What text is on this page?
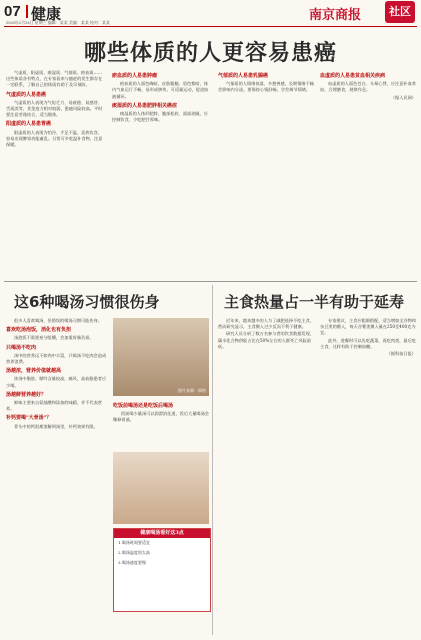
07 健康
2024年1月24日 星期三 编辑：某某 美编：某某 校对：某某
南京商报	社区
哪些体质的人更容易患癌

气虚质、阳虚质、痰湿质、气郁质、瘀血质……这些体质各有特点，在专家看来与癌症的发生都存在一定联系，了解自己的体质有助于及早预防。

气虚质的人易患癌

气虚质的人表现为气短乏力、易疲倦、易感冒、舌质淡等，其免疫力相对较弱，患癌风险较高。平时要注意劳逸结合，适当锻炼。

阳虚质的人易患胃癌

阳虚质的人表现为怕冷、手足不温、喜热饮食，容易出现脾胃功能紊乱。日常可多吃温补食物，注意保暖。

瘀血质的人易患肿瘤

瘀血质的人面色晦暗、皮肤粗糙、唇色紫暗，体内气血运行不畅，易形成肿块。可适量运动，促进血液循环。

痰湿质的人易患肥胖相关癌症

痰湿质的人体形肥胖、腹部松软、面部油腻，应控制饮食，少吃肥甘厚味。

气郁质的人易患乳腺癌

气郁质的人情绪低落、多愁善感，长期情绪不畅会影响内分泌。要保持心情舒畅，学会调节情绪。

血虚质的人易患贫血相关疾病

血虚质的人面色苍白、头晕心悸，应注意补血养血，合理膳食，规律作息。

（据人民网）

这6种喝汤习惯很伤身

很多人喜欢喝汤，但错误的喝汤习惯可能伤身。

喜欢吃汤泡饭，消化也有负担

汤泡饭不需要充分咀嚼，会加重胃肠负担。

只喝汤不吃肉

汤中的营养远不如肉中丰富，只喝汤不吃肉会造成营养浪费。

汤越浓，营养价值就越高

浓汤中脂肪、嘌呤含量较高，痛风、高血脂患者应少喝。

汤越鲜营养越好？

鲜味主要来自氨基酸和添加的味精，并不代表营养。

补钙要喝"大骨汤"？

骨头中的钙很难溶解到汤里，补钙效果有限。

图片来源：网络
吃饭前喝汤还是吃饭后喝汤

饭前喝少量汤可以润滑消化道，饭后大量喝汤会稀释胃液。

健康喝汤看好这3点
1.喝汤时间要适宜
2.喝汤温度别太高
3.喝汤速度要慢
主食热量占一半有助于延寿

近年来，越来越多的人为了减肥选择不吃主食，然而研究显示，主食摄入过少反而不利于健康。

研究人员分析了数万名参与者的饮食数据发现，碳水化合物供能占比在50%左右的人群死亡风险最低。

专家建议，主食应粗细搭配，适当增加全谷物和杂豆类的摄入，每天谷薯类摄入量在250至400克为宜。

此外，进餐时可以先吃蔬菜，再吃肉类，最后吃主食，这样有助于控制血糖。

（据科技日报）
